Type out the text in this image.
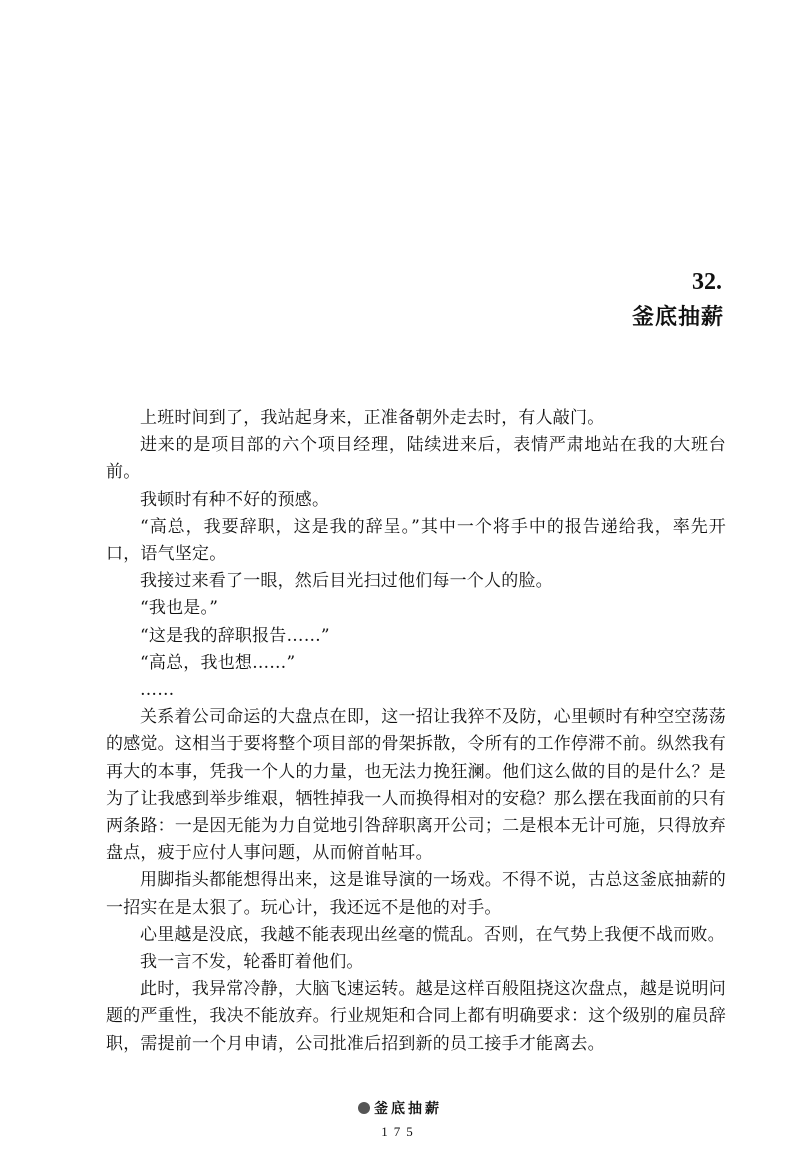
32.
釜底抽薪

上班时间到了，我站起身来，正准备朝外走去时，有人敲门。

进来的是项目部的六个项目经理，陆续进来后，表情严肃地站在我的大班台前。

我顿时有种不好的预感。

“高总，我要辞职，这是我的辞呈。”其中一个将手中的报告递给我，率先开口，语气坚定。

我接过来看了一眼，然后目光扫过他们每一个人的脸。

“我也是。”

“这是我的辞职报告……”

“高总，我也想……”

……

关系着公司命运的大盘点在即，这一招让我猝不及防，心里顿时有种空空荡荡的感觉。这相当于要将整个项目部的骨架拆散，令所有的工作停滞不前。纵然我有再大的本事，凭我一个人的力量，也无法力挽狂澜。他们这么做的目的是什么？是为了让我感到举步维艰，牺牲掉我一人而换得相对的安稳？那么摆在我面前的只有两条路：一是因无能为力自觉地引咎辞职离开公司；二是根本无计可施，只得放弃盘点，疲于应付人事问题，从而俯首帖耳。

用脚指头都能想得出来，这是谁导演的一场戏。不得不说，古总这釜底抽薪的一招实在是太狠了。玩心计，我还远不是他的对手。

心里越是没底，我越不能表现出丝毫的慌乱。否则，在气势上我便不战而败。

我一言不发，轮番盯着他们。

此时，我异常冷静，大脑飞速运转。越是这样百般阻挠这次盘点，越是说明问题的严重性，我决不能放弃。行业规矩和合同上都有明确要求：这个级别的雇员辞职，需提前一个月申请，公司批准后招到新的员工接手才能离去。

釜底抽薪
175
